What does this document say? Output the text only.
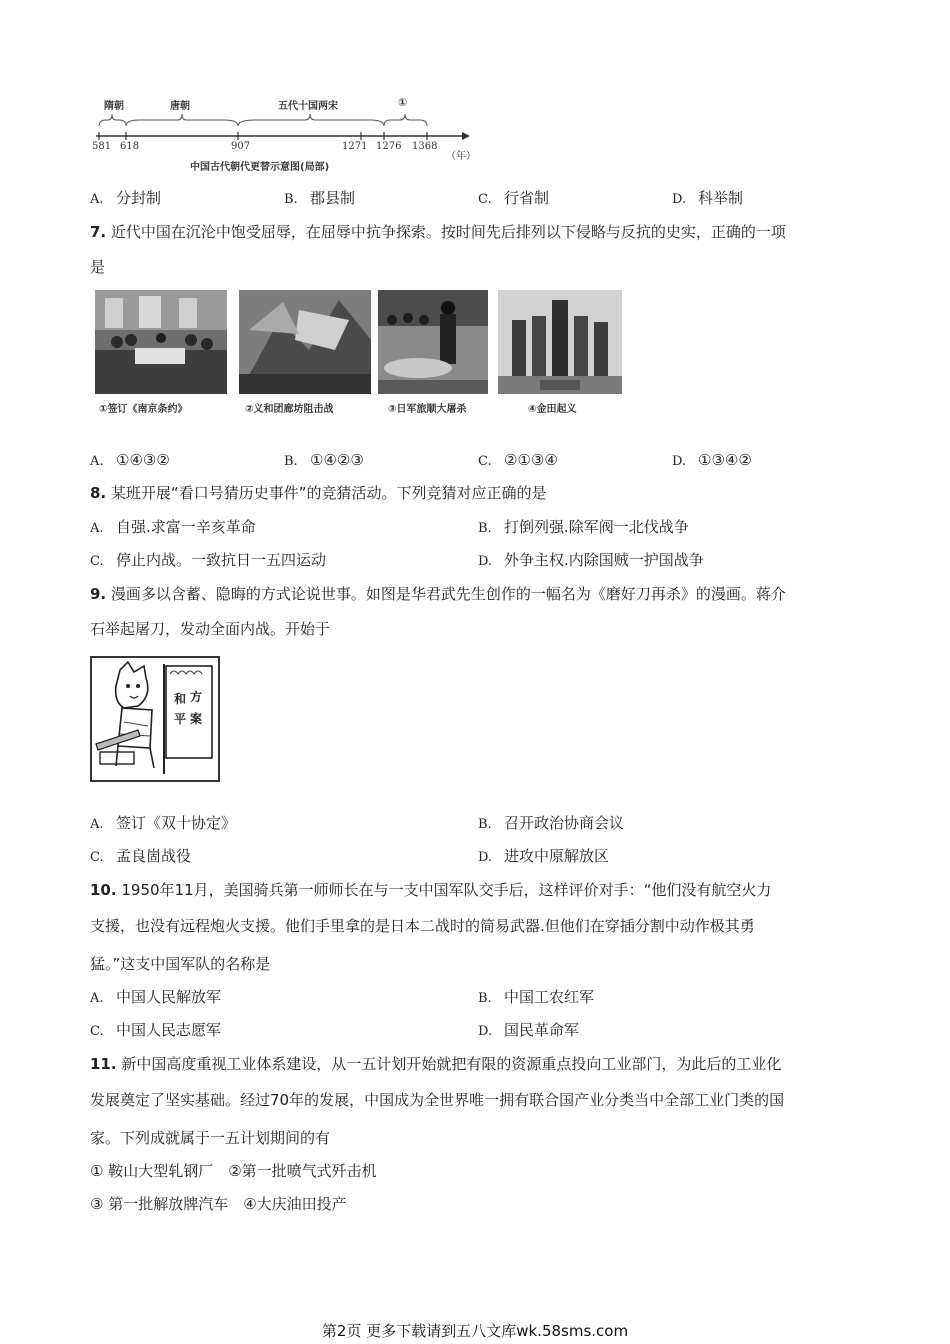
隋朝	唐朝	五代十国两宋	①
581 618	907	1271 1276 1368
（年）
中国古代朝代更替示意图(局部)
A. 分封制	B. 郡县制	C. 行省制	D. 科举制
7. 近代中国在沉沦中饱受屈辱，在屈辱中抗争探索。按时间先后排列以下侵略与反抗的史实，正确的一项
是
①签订《南京条约》	②义和团廊坊阻击战	③日军旅顺大屠杀	④金田起义
A. ①④③②	B. ①④②③	C. ②①③④	D. ①③④②
8. 某班开展“看口号猜历史事件”的竞猜活动。下列竞猜对应正确的是
A. 自强.求富一辛亥革命	B. 打倒列强.除军阀一北伐战争
C. 停止内战。一致抗日一五四运动	D. 外争主权.内除国贼一护国战争
9. 漫画多以含蓄、隐晦的方式论说世事。如图是华君武先生创作的一幅名为《磨好刀再杀》的漫画。蒋介
石举起屠刀，发动全面内战。开始于
和 方
平 案
A. 签订《双十协定》	B. 召开政治协商会议
C. 孟良崮战役	D. 进攻中原解放区
10. 1950年11月，美国骑兵第一师师长在与一支中国军队交手后，这样评价对手：“他们没有航空火力
支援，也没有远程炮火支援。他们手里拿的是日本二战时的简易武器.但他们在穿插分割中动作极其勇
猛。”这支中国军队的名称是
A. 中国人民解放军	B. 中国工农红军
C. 中国人民志愿军	D. 国民革命军
11. 新中国高度重视工业体系建设，从一五计划开始就把有限的资源重点投向工业部门，为此后的工业化
发展奠定了坚实基础。经过70年的发展，中国成为全世界唯一拥有联合国产业分类当中全部工业门类的国
家。下列成就属于一五计划期间的有
① 鞍山大型轧钢厂　②第一批喷气式歼击机
③ 第一批解放牌汽车　④大庆油田投产
第2页 更多下载请到五八文库wk.58sms.com
